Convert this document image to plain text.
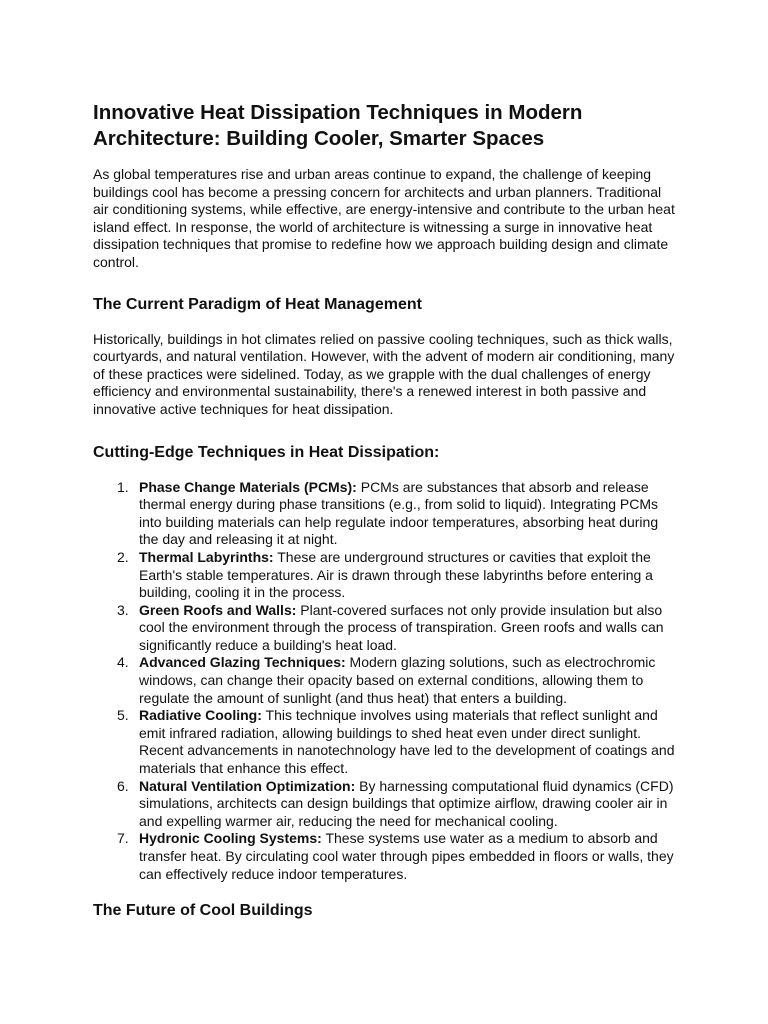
Innovative Heat Dissipation Techniques in Modern Architecture: Building Cooler, Smarter Spaces

As global temperatures rise and urban areas continue to expand, the challenge of keeping buildings cool has become a pressing concern for architects and urban planners. Traditional air conditioning systems, while effective, are energy-intensive and contribute to the urban heat island effect. In response, the world of architecture is witnessing a surge in innovative heat dissipation techniques that promise to redefine how we approach building design and climate control.

The Current Paradigm of Heat Management

Historically, buildings in hot climates relied on passive cooling techniques, such as thick walls, courtyards, and natural ventilation. However, with the advent of modern air conditioning, many of these practices were sidelined. Today, as we grapple with the dual challenges of energy efficiency and environmental sustainability, there's a renewed interest in both passive and innovative active techniques for heat dissipation.

Cutting-Edge Techniques in Heat Dissipation:
1. Phase Change Materials (PCMs): PCMs are substances that absorb and release thermal energy during phase transitions (e.g., from solid to liquid). Integrating PCMs into building materials can help regulate indoor temperatures, absorbing heat during the day and releasing it at night.
2. Thermal Labyrinths: These are underground structures or cavities that exploit the Earth's stable temperatures. Air is drawn through these labyrinths before entering a building, cooling it in the process.
3. Green Roofs and Walls: Plant-covered surfaces not only provide insulation but also cool the environment through the process of transpiration. Green roofs and walls can significantly reduce a building's heat load.
4. Advanced Glazing Techniques: Modern glazing solutions, such as electrochromic windows, can change their opacity based on external conditions, allowing them to regulate the amount of sunlight (and thus heat) that enters a building.
5. Radiative Cooling: This technique involves using materials that reflect sunlight and emit infrared radiation, allowing buildings to shed heat even under direct sunlight. Recent advancements in nanotechnology have led to the development of coatings and materials that enhance this effect.
6. Natural Ventilation Optimization: By harnessing computational fluid dynamics (CFD) simulations, architects can design buildings that optimize airflow, drawing cooler air in and expelling warmer air, reducing the need for mechanical cooling.
7. Hydronic Cooling Systems: These systems use water as a medium to absorb and transfer heat. By circulating cool water through pipes embedded in floors or walls, they can effectively reduce indoor temperatures.
The Future of Cool Buildings
